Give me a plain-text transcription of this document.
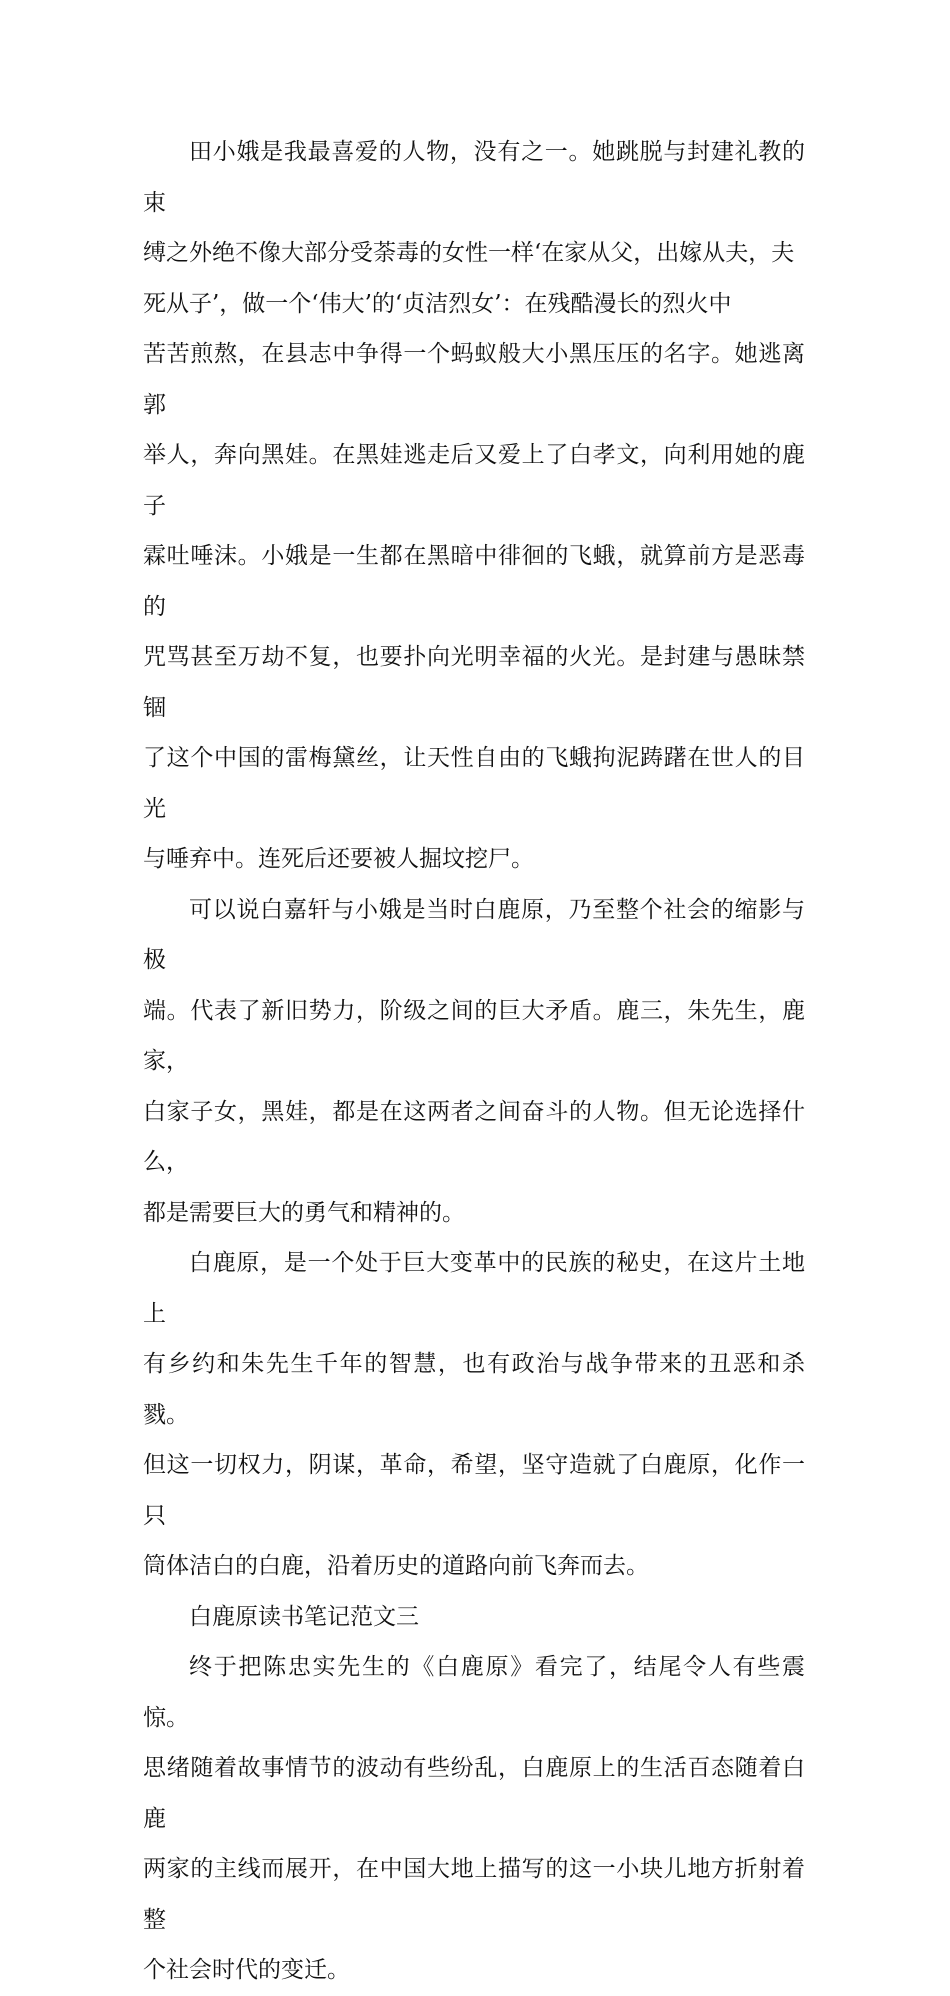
田小娥是我最喜爱的人物，没有之一。她跳脱与封建礼教的束
缚之外绝不像大部分受荼毒的女性一样‘在家从父，出嫁从夫，夫
死从子’，做一个‘伟大’的‘贞洁烈女’：在残酷漫长的烈火中
苦苦煎熬，在县志中争得一个蚂蚁般大小黑压压的名字。她逃离郭
举人，奔向黑娃。在黑娃逃走后又爱上了白孝文，向利用她的鹿子
霖吐唾沫。小娥是一生都在黑暗中徘徊的飞蛾，就算前方是恶毒的
咒骂甚至万劫不复，也要扑向光明幸福的火光。是封建与愚昧禁锢
了这个中国的雷梅黛丝，让天性自由的飞蛾拘泥踌躇在世人的目光
与唾弃中。连死后还要被人掘坟挖尸。

可以说白嘉轩与小娥是当时白鹿原，乃至整个社会的缩影与极
端。代表了新旧势力，阶级之间的巨大矛盾。鹿三，朱先生，鹿家，
白家子女，黑娃，都是在这两者之间奋斗的人物。但无论选择什么，
都是需要巨大的勇气和精神的。

白鹿原，是一个处于巨大变革中的民族的秘史，在这片土地上
有乡约和朱先生千年的智慧，也有政治与战争带来的丑恶和杀戮。
但这一切权力，阴谋，革命，希望，坚守造就了白鹿原，化作一只
筒体洁白的白鹿，沿着历史的道路向前飞奔而去。

白鹿原读书笔记范文三

终于把陈忠实先生的《白鹿原》看完了，结尾令人有些震惊。
思绪随着故事情节的波动有些纷乱，白鹿原上的生活百态随着白鹿
两家的主线而展开，在中国大地上描写的这一小块儿地方折射着整
个社会时代的变迁。
